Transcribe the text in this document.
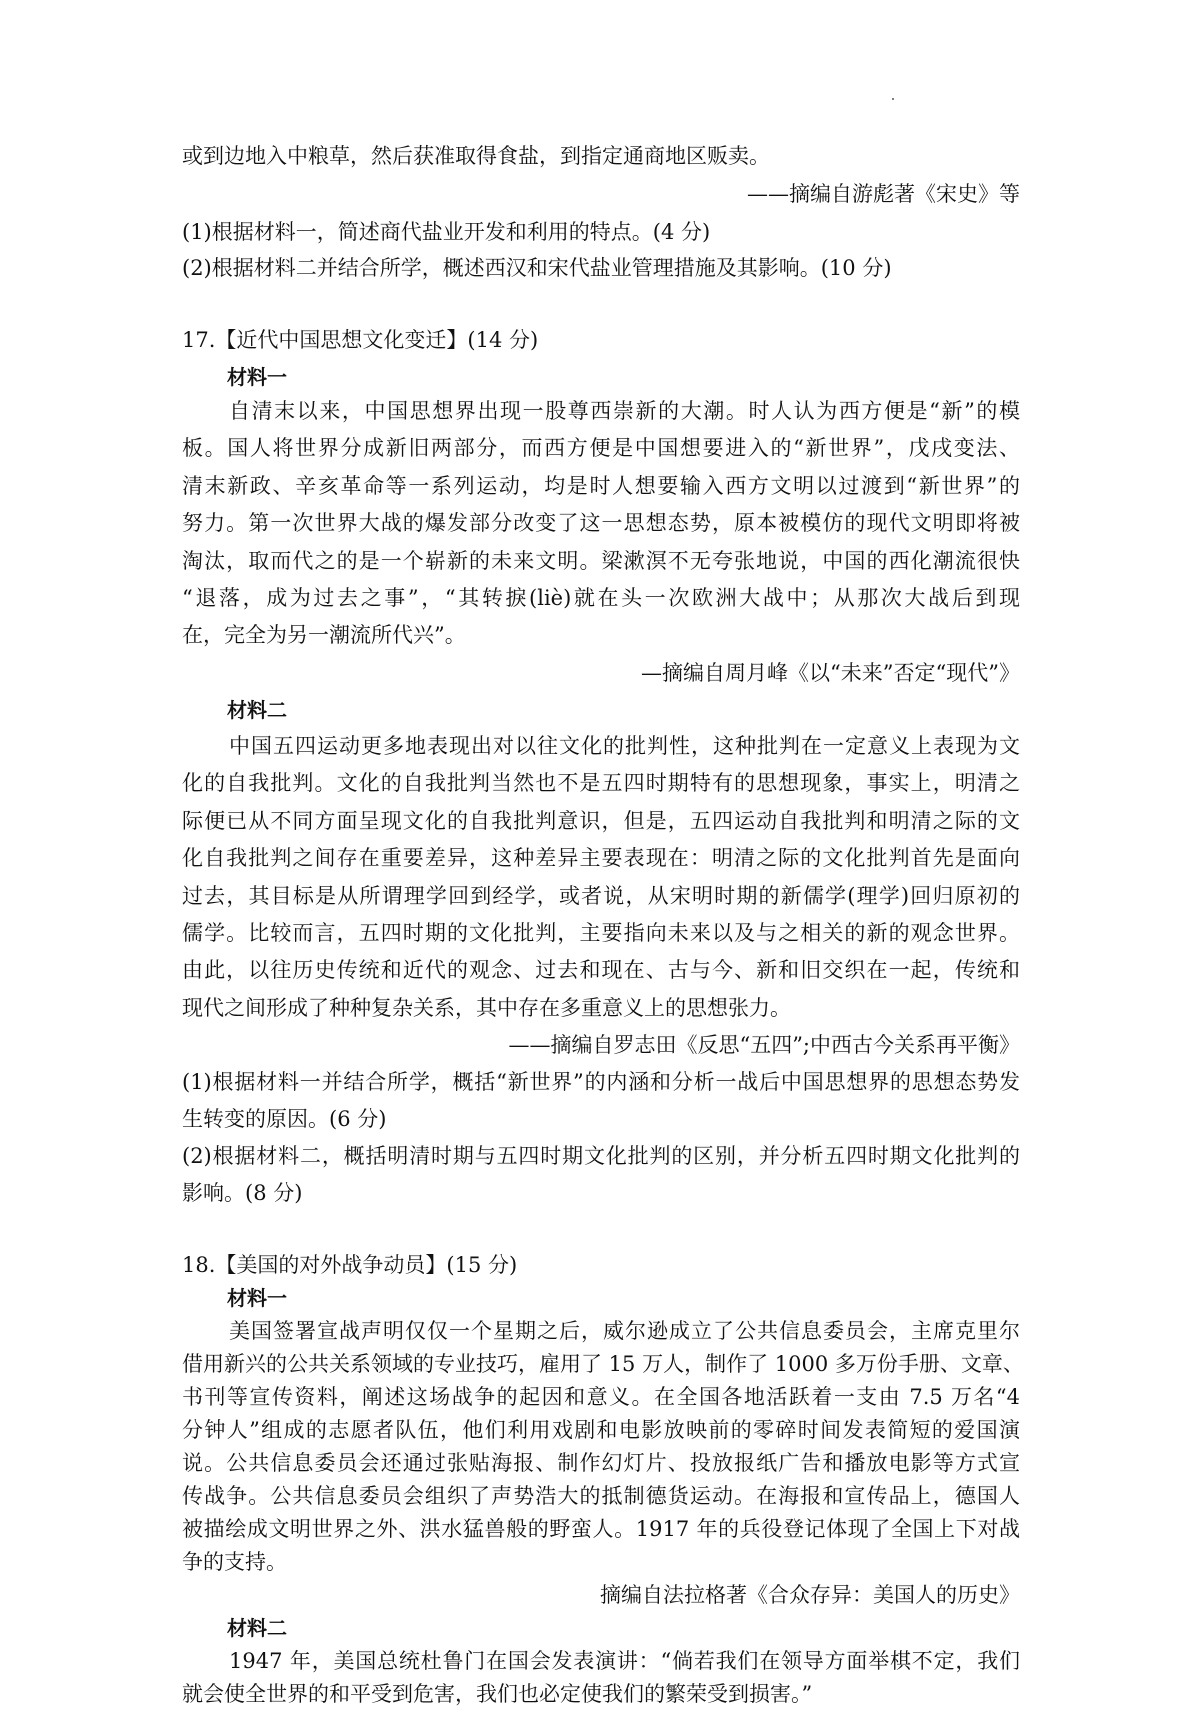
或到边地入中粮草，然后获准取得食盐，到指定通商地区贩卖。
——摘编自游彪著《宋史》等
(1)根据材料一，简述商代盐业开发和利用的特点。(4 分)
(2)根据材料二并结合所学，概述西汉和宋代盐业管理措施及其影响。(10 分)
17.【近代中国思想文化变迁】(14 分)
材料一
自清末以来，中国思想界出现一股尊西崇新的大潮。时人认为西方便是“新”的模
板。国人将世界分成新旧两部分，而西方便是中国想要进入的“新世界”，戊戌变法、
清末新政、辛亥革命等一系列运动，均是时人想要输入西方文明以过渡到“新世界”的
努力。第一次世界大战的爆发部分改变了这一思想态势，原本被模仿的现代文明即将被
淘汰，取而代之的是一个崭新的未来文明。梁漱溟不无夸张地说，中国的西化潮流很快
“退落，成为过去之事”，“其转捩(liè)就在头一次欧洲大战中；从那次大战后到现
在，完全为另一潮流所代兴”。
—摘编自周月峰《以“未来”否定“现代”》
材料二
中国五四运动更多地表现出对以往文化的批判性，这种批判在一定意义上表现为文
化的自我批判。文化的自我批判当然也不是五四时期特有的思想现象，事实上，明清之
际便已从不同方面呈现文化的自我批判意识，但是，五四运动自我批判和明清之际的文
化自我批判之间存在重要差异，这种差异主要表现在：明清之际的文化批判首先是面向
过去，其目标是从所谓理学回到经学，或者说，从宋明时期的新儒学(理学)回归原初的
儒学。比较而言，五四时期的文化批判，主要指向未来以及与之相关的新的观念世界。
由此，以往历史传统和近代的观念、过去和现在、古与今、新和旧交织在一起，传统和
现代之间形成了种种复杂关系，其中存在多重意义上的思想张力。
——摘编自罗志田《反思“五四”;中西古今关系再平衡》
(1)根据材料一并结合所学，概括“新世界”的内涵和分析一战后中国思想界的思想态势发
生转变的原因。(6 分)
(2)根据材料二，概括明清时期与五四时期文化批判的区别，并分析五四时期文化批判的
影响。(8 分)
18.【美国的对外战争动员】(15 分)
材料一
美国签署宣战声明仅仅一个星期之后，威尔逊成立了公共信息委员会，主席克里尔
借用新兴的公共关系领域的专业技巧，雇用了 15 万人，制作了 1000 多万份手册、文章、
书刊等宣传资料，阐述这场战争的起因和意义。在全国各地活跃着一支由 7.5 万名“4
分钟人”组成的志愿者队伍，他们利用戏剧和电影放映前的零碎时间发表简短的爱国演
说。公共信息委员会还通过张贴海报、制作幻灯片、投放报纸广告和播放电影等方式宣
传战争。公共信息委员会组织了声势浩大的抵制德货运动。在海报和宣传品上，德国人
被描绘成文明世界之外、洪水猛兽般的野蛮人。1917 年的兵役登记体现了全国上下对战
争的支持。
摘编自法拉格著《合众存异：美国人的历史》
材料二
1947 年，美国总统杜鲁门在国会发表演讲：“倘若我们在领导方面举棋不定，我们
就会使全世界的和平受到危害，我们也必定使我们的繁荣受到损害。”
